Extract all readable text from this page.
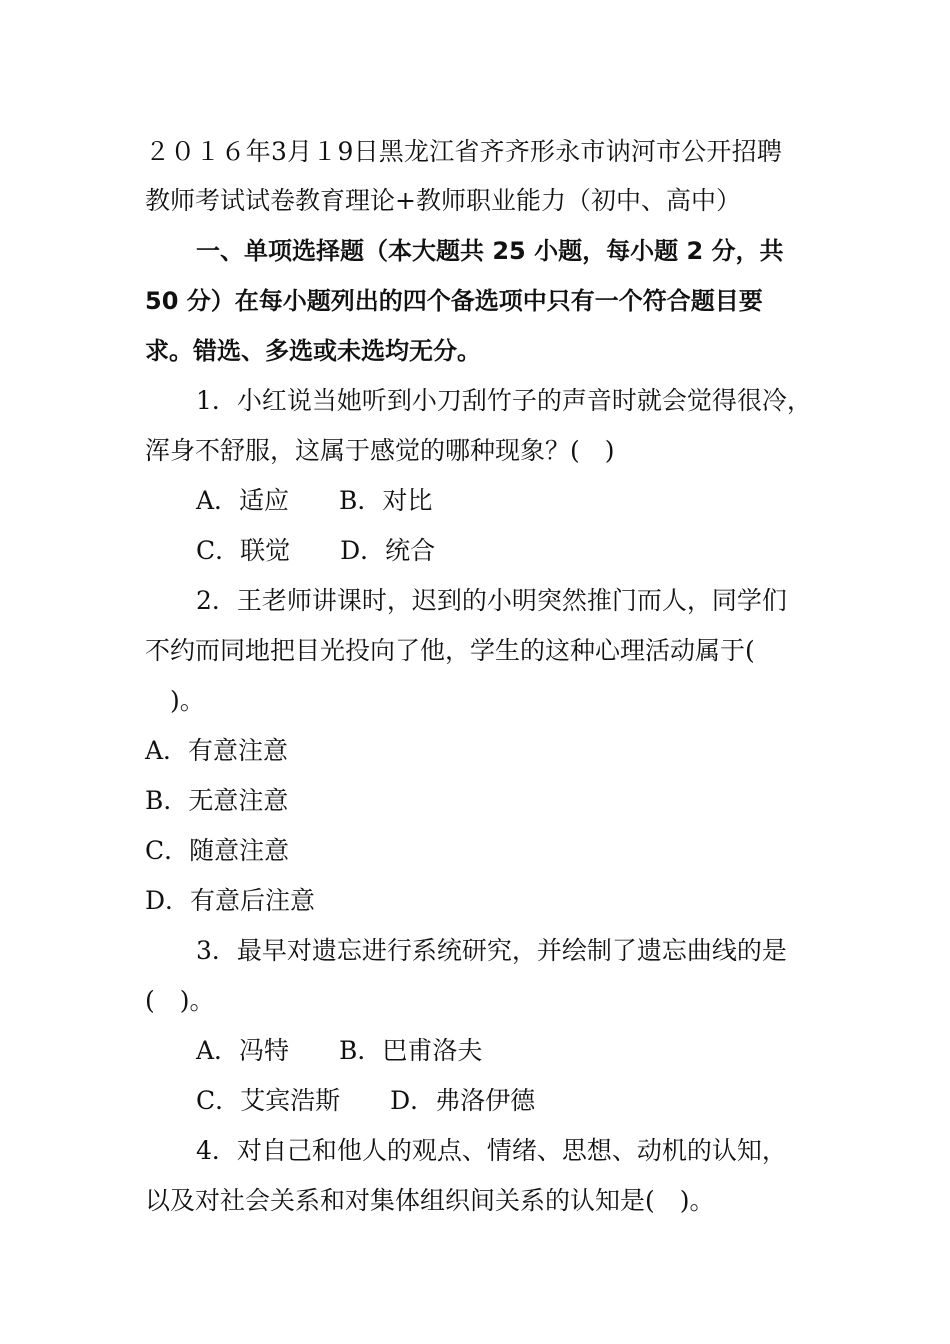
２０１６年3月１9日黑龙江省齐齐形永市讷河市公开招聘
教师考试试卷教育理论+教师职业能力（初中、高中）
一、单项选择题（本大题共 25 小题，每小题 2 分，共
50 分）在每小题列出的四个备选项中只有一个符合题目要
求。错选、多选或未选均无分。
1．小红说当她听到小刀刮竹子的声音时就会觉得很冷，
浑身不舒服，这属于感觉的哪种现象？(　)
A．适应　　B．对比
C．联觉　　D．统合
2．王老师讲课时，迟到的小明突然推门而人，同学们
不约而同地把目光投向了他，学生的这种心理活动属于(
　)。
A．有意注意
B．无意注意
C．随意注意
D．有意后注意
3．最早对遗忘进行系统研究，并绘制了遗忘曲线的是
(　)。
A．冯特　　B．巴甫洛夫
C．艾宾浩斯　　D．弗洛伊德
4．对自己和他人的观点、情绪、思想、动机的认知，
以及对社会关系和对集体组织间关系的认知是(　)。
